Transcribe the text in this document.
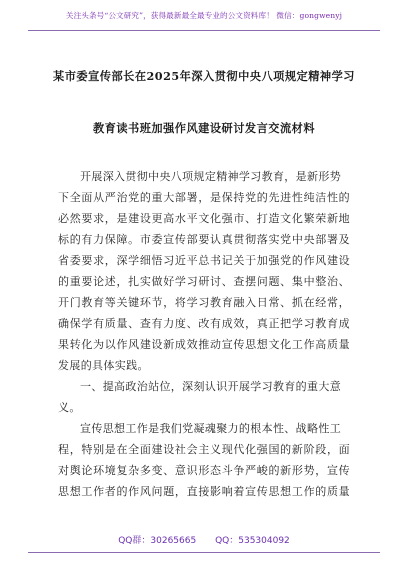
关注头条号“公文研究”，获得最新最全最专业的公文资料库！ 微信：gongwenyj
某市委宣传部长在2025年深入贯彻中央八项规定精神学习
教育读书班加强作风建设研讨发言交流材料
开展深入贯彻中央八项规定精神学习教育，是新形势
下全面从严治党的重大部署，是保持党的先进性纯洁性的
必然要求，是建设更高水平文化强市、打造文化繁荣新地
标的有力保障。市委宣传部要认真贯彻落实党中央部署及
省委要求，深学细悟习近平总书记关于加强党的作风建设
的重要论述，扎实做好学习研讨、查摆问题、集中整治、
开门教育等关键环节，将学习教育融入日常、抓在经常，
确保学有质量、查有力度、改有成效，真正把学习教育成
果转化为以作风建设新成效推动宣传思想文化工作高质量
发展的具体实践。
一、提高政治站位，深刻认识开展学习教育的重大意
义。
宣传思想工作是我们党凝魂聚力的根本性、战略性工
程，特别是在全面建设社会主义现代化强国的新阶段，面
对舆论环境复杂多变、意识形态斗争严峻的新形势，宣传
思想工作者的作风问题，直接影响着宣传思想工作的质量
QQ群：30265665 QQ：535304092
